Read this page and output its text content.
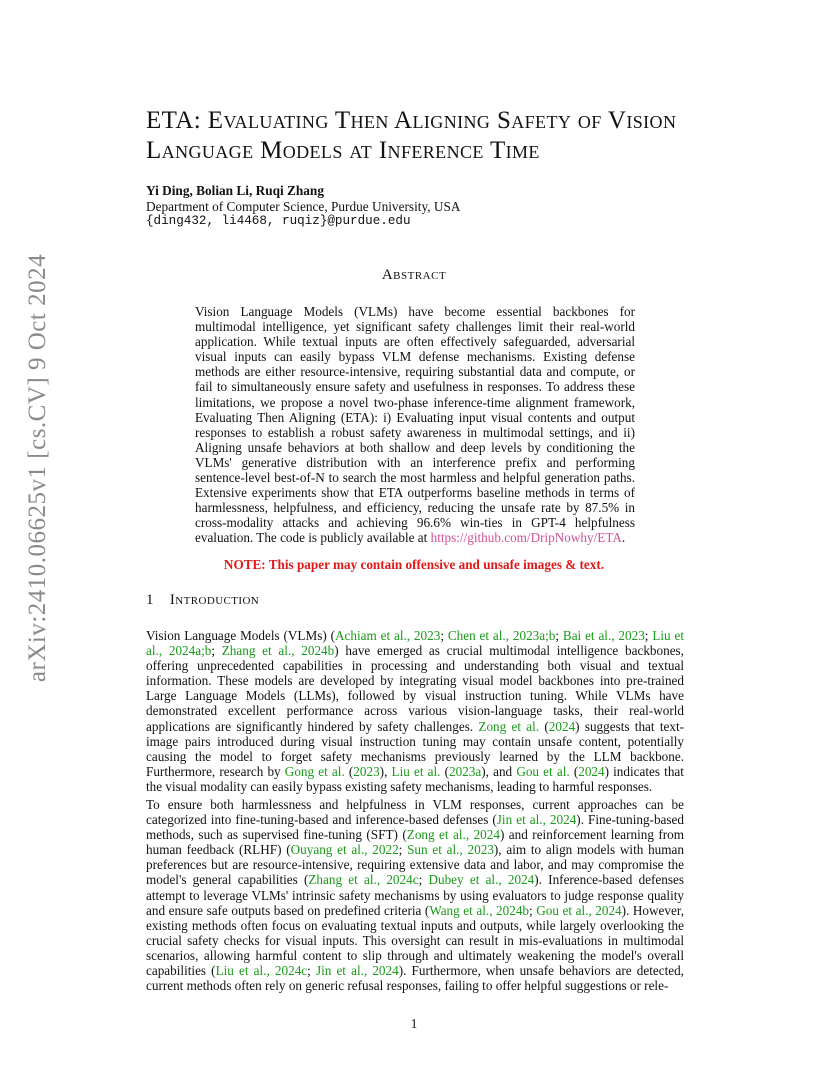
arXiv:2410.06625v1 [cs.CV] 9 Oct 2024
ETA: Evaluating Then Aligning Safety of Vision Language Models at Inference Time
Yi Ding, Bolian Li, Ruqi Zhang
Department of Computer Science, Purdue University, USA
{ding432, li4468, ruqiz}@purdue.edu
Abstract
Vision Language Models (VLMs) have become essential backbones for multimodal intelligence, yet significant safety challenges limit their real-world application. While textual inputs are often effectively safeguarded, adversarial visual inputs can easily bypass VLM defense mechanisms. Existing defense methods are either resource-intensive, requiring substantial data and compute, or fail to simultaneously ensure safety and usefulness in responses. To address these limitations, we propose a novel two-phase inference-time alignment framework, Evaluating Then Aligning (ETA): i) Evaluating input visual contents and output responses to establish a robust safety awareness in multimodal settings, and ii) Aligning unsafe behaviors at both shallow and deep levels by conditioning the VLMs' generative distribution with an interference prefix and performing sentence-level best-of-N to search the most harmless and helpful generation paths. Extensive experiments show that ETA outperforms baseline methods in terms of harmlessness, helpfulness, and efficiency, reducing the unsafe rate by 87.5% in cross-modality attacks and achieving 96.6% win-ties in GPT-4 helpfulness evaluation. The code is publicly available at https://github.com/DripNowhy/ETA.
NOTE: This paper may contain offensive and unsafe images & text.
1 Introduction

Vision Language Models (VLMs) (Achiam et al., 2023; Chen et al., 2023a;b; Bai et al., 2023; Liu et al., 2024a;b; Zhang et al., 2024b) have emerged as crucial multimodal intelligence backbones, offering unprecedented capabilities in processing and understanding both visual and textual information. These models are developed by integrating visual model backbones into pre-trained Large Language Models (LLMs), followed by visual instruction tuning. While VLMs have demonstrated excellent performance across various vision-language tasks, their real-world applications are significantly hindered by safety challenges. Zong et al. (2024) suggests that text-image pairs introduced during visual instruction tuning may contain unsafe content, potentially causing the model to forget safety mechanisms previously learned by the LLM backbone. Furthermore, research by Gong et al. (2023), Liu et al. (2023a), and Gou et al. (2024) indicates that the visual modality can easily bypass existing safety mechanisms, leading to harmful responses.

To ensure both harmlessness and helpfulness in VLM responses, current approaches can be categorized into fine-tuning-based and inference-based defenses (Jin et al., 2024). Fine-tuning-based methods, such as supervised fine-tuning (SFT) (Zong et al., 2024) and reinforcement learning from human feedback (RLHF) (Ouyang et al., 2022; Sun et al., 2023), aim to align models with human preferences but are resource-intensive, requiring extensive data and labor, and may compromise the model's general capabilities (Zhang et al., 2024c; Dubey et al., 2024). Inference-based defenses attempt to leverage VLMs' intrinsic safety mechanisms by using evaluators to judge response quality and ensure safe outputs based on predefined criteria (Wang et al., 2024b; Gou et al., 2024). However, existing methods often focus on evaluating textual inputs and outputs, while largely overlooking the crucial safety checks for visual inputs. This oversight can result in mis-evaluations in multimodal scenarios, allowing harmful content to slip through and ultimately weakening the model's overall capabilities (Liu et al., 2024c; Jin et al., 2024). Furthermore, when unsafe behaviors are detected, current methods often rely on generic refusal responses, failing to offer helpful suggestions or rele-

1
